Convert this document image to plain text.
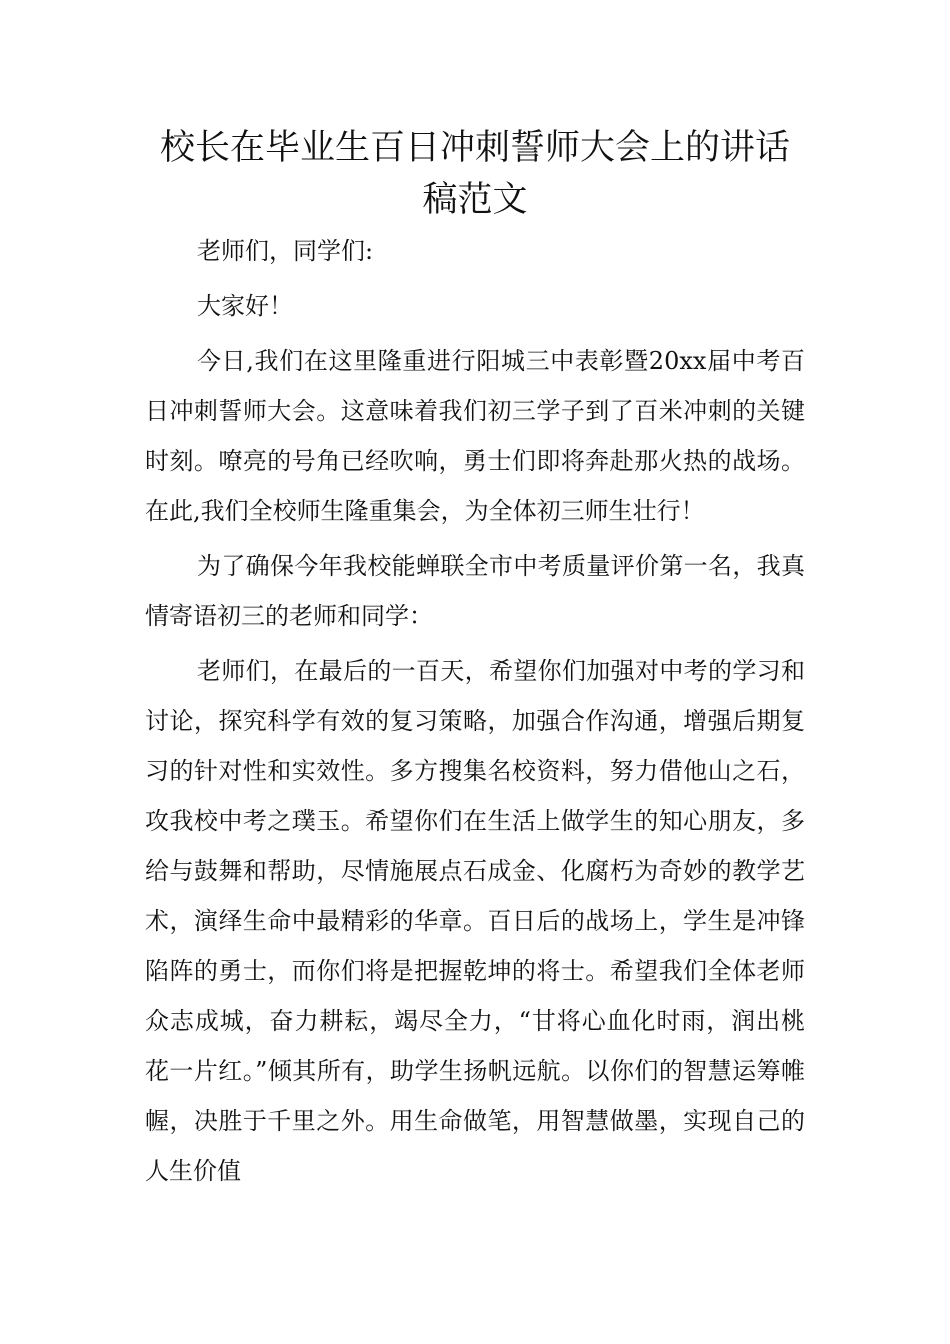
校长在毕业生百日冲刺誓师大会上的讲话
稿范文

老师们，同学们:

大家好！

今日,我们在这里隆重进行阳城三中表彰暨20xx届中考百日冲刺誓师大会。这意味着我们初三学子到了百米冲刺的关键时刻。嘹亮的号角已经吹响，勇士们即将奔赴那火热的战场。在此,我们全校师生隆重集会，为全体初三师生壮行！

为了确保今年我校能蝉联全市中考质量评价第一名，我真情寄语初三的老师和同学：

老师们，在最后的一百天，希望你们加强对中考的学习和讨论，探究科学有效的复习策略，加强合作沟通，增强后期复习的针对性和实效性。多方搜集名校资料，努力借他山之石，攻我校中考之璞玉。希望你们在生活上做学生的知心朋友，多给与鼓舞和帮助，尽情施展点石成金、化腐朽为奇妙的教学艺术，演绎生命中最精彩的华章。百日后的战场上，学生是冲锋陷阵的勇士，而你们将是把握乾坤的将士。希望我们全体老师众志成城，奋力耕耘，竭尽全力，“甘将心血化时雨，润出桃花一片红。”倾其所有，助学生扬帆远航。以你们的智慧运筹帷幄，决胜于千里之外。用生命做笔，用智慧做墨，实现自己的人生价值
